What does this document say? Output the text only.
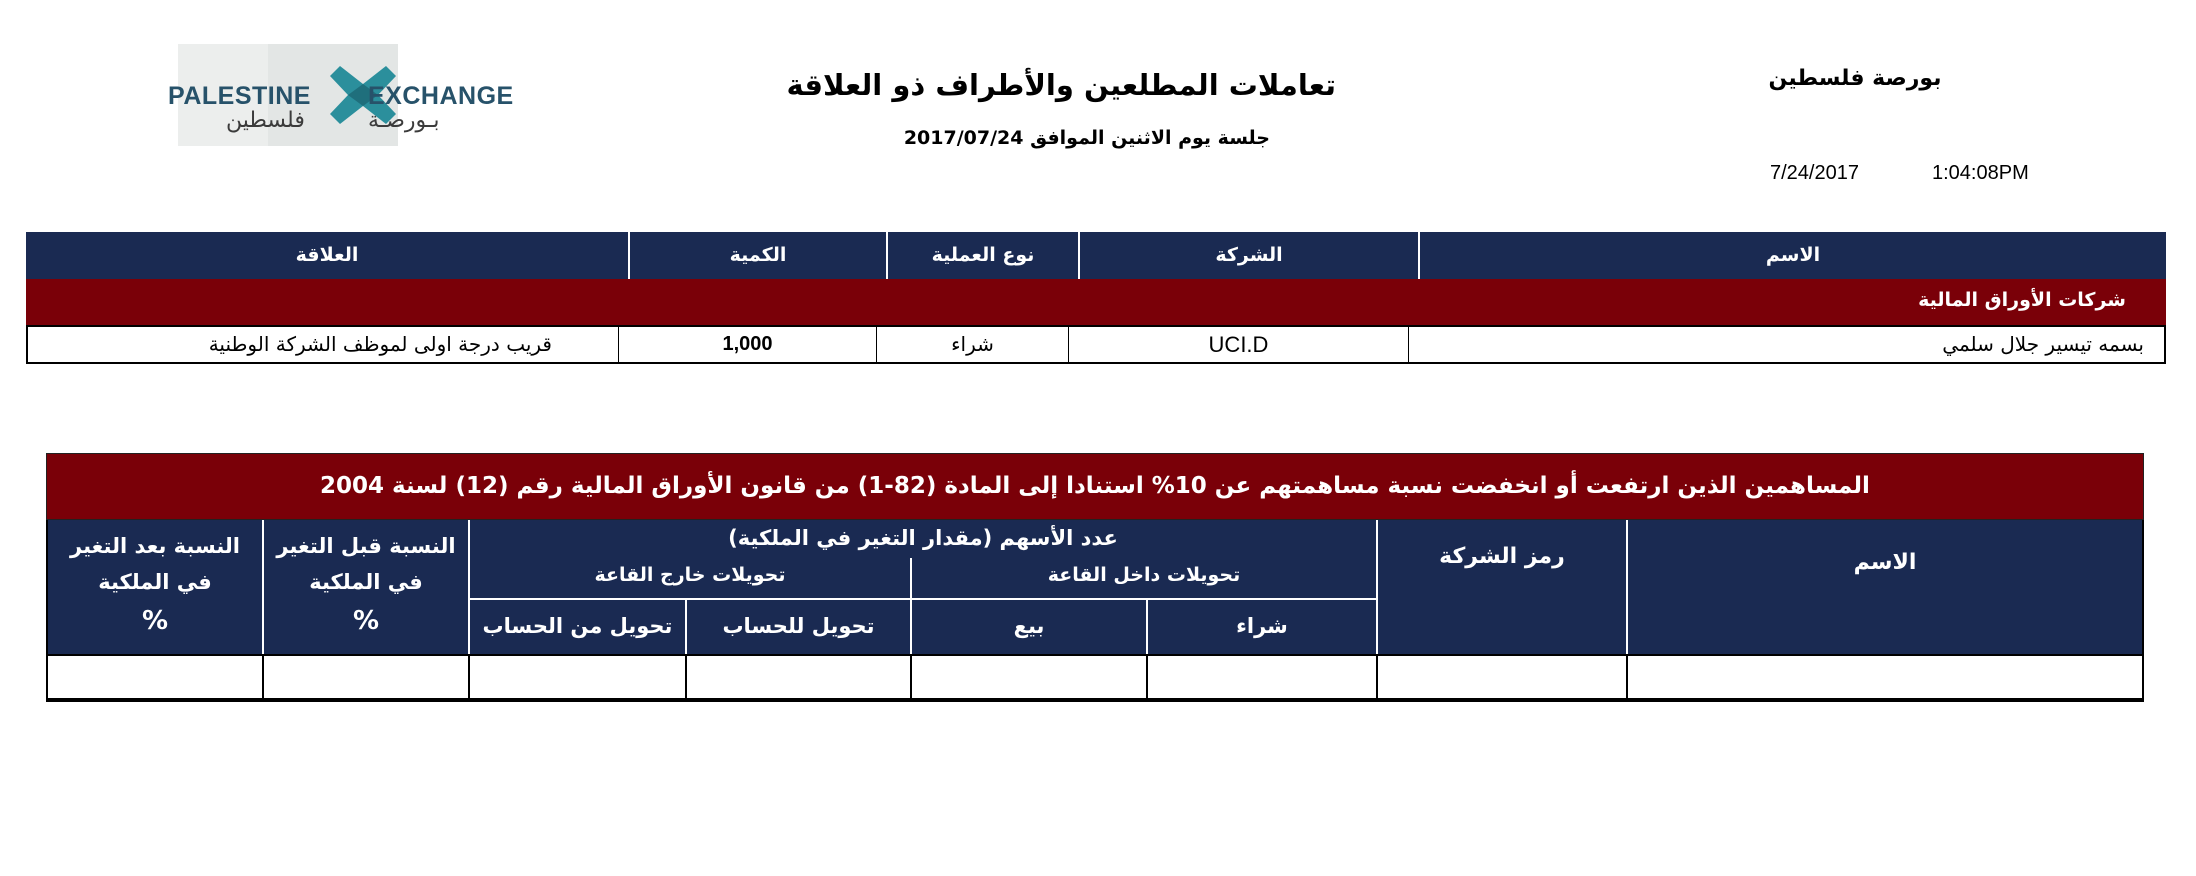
PALESTINE EXCHANGE
فلسطين	بـورصـة
تعاملات المطلعين والأطراف ذو العلاقة
جلسة يوم الاثنين الموافق 2017/07/24
بورصة فلسطين
7/24/2017	1:04:08PM
الاسم
الشركة
نوع العملية
الكمية
العلاقة
شركات الأوراق المالية
بسمه تيسير جلال سلمي
UCI.D
شراء
1,000
قريب درجة اولى لموظف الشركة الوطنية
المساهمين الذين ارتفعت أو انخفضت نسبة مساهمتهم عن 10% استنادا إلى المادة (82-1) من قانون الأوراق المالية رقم (12) لسنة 2004
الاسم
رمز الشركة
عدد الأسهم (مقدار التغير في الملكية)
تحويلات داخل القاعة
تحويلات خارج القاعة
شراء
بيع
تحويل للحساب
تحويل من الحساب
النسبة قبل التغير
في الملكية
%
النسبة بعد التغير
في الملكية
%
